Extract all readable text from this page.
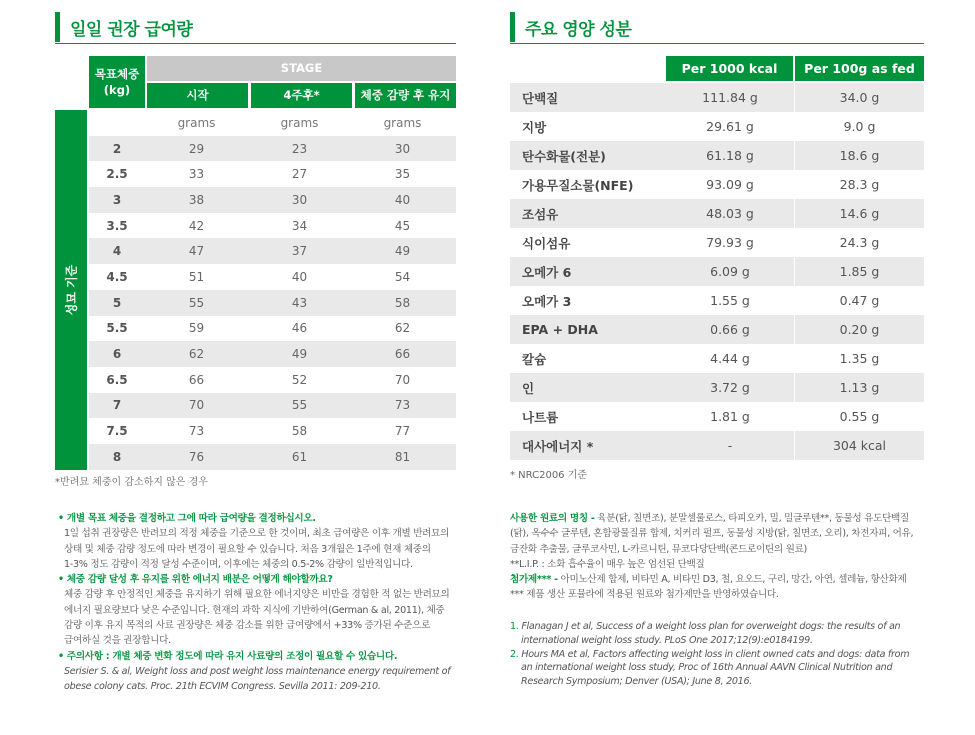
일일 권장 급여량	주요 영양 성분
목표체중
(kg)
STAGE
시작	4주후*	체중 감량 후 유지
성묘 기준
grams	grams	grams
2	29	23	30
2.5	33	27	35
3	38	30	40
3.5	42	34	45
4	47	37	49
4.5	51	40	54
5	55	43	58
5.5	59	46	62
6	62	49	66
6.5	66	52	70
7	70	55	73
7.5	73	58	77
8	76	61	81
*반려묘 체중이 감소하지 않은 경우
Per 1000 kcal	Per 100g as fed
단백질	111.84 g	34.0 g
지방	29.61 g	9.0 g
탄수화물(전분)	61.18 g	18.6 g
가용무질소물(NFE)	93.09 g	28.3 g
조섬유	48.03 g	14.6 g
식이섬유	79.93 g	24.3 g
오메가 6	6.09 g	1.85 g
오메가 3	1.55 g	0.47 g
EPA + DHA	0.66 g	0.20 g
칼슘	4.44 g	1.35 g
인	3.72 g	1.13 g
나트륨	1.81 g	0.55 g
대사에너지 *	-	304 kcal
* NRC2006 기준

• 개별 목표 체중을 결정하고 그에 따라 급여량을 결정하십시오.

1일 섭취 권장량은 반려묘의 적정 체중을 기준으로 한 것이며, 최초 급여량은 이후 개별 반려묘의

상태 및 체중 감량 정도에 따라 변경이 필요할 수 있습니다. 처음 3개월은 1주에 현재 체중의

1-3% 정도 감량이 적정 달성 수준이며, 이후에는 체중의 0.5-2% 감량이 일반적입니다.

• 체중 감량 달성 후 유지를 위한 에너지 배분은 어떻게 해야할까요?

체중 감량 후 안정적인 체중을 유지하기 위해 필요한 에너지양은 비만을 경험한 적 없는 반려묘의

에너지 필요량보다 낮은 수준입니다. 현재의 과학 지식에 기반하여(German & al, 2011), 체중

감량 이후 유지 목적의 사료 권장량은 체중 감소를 위한 급여량에서 +33% 증가된 수준으로

급여하실 것을 권장합니다.

• 주의사항 : 개별 체중 변화 정도에 따라 유지 사료량의 조정이 필요할 수 있습니다.

Serisier S. & al, Weight loss and post weight loss maintenance energy requirement of

obese colony cats. Proc. 21th ECVIM Congress. Sevilla 2011: 209-210.

사용한 원료의 명칭 - 육분(닭, 칠면조), 분말셀룰로스, 타피오카, 밀, 밀글루텐**, 동물성 유도단백질

(닭), 옥수수 글루텐, 혼합광물질류 합제, 치커리 펄프, 동물성 지방(닭, 칠면조, 오리), 차전자피, 어유,

금잔화 추출물, 글루코사민, L-카르니틴, 뮤코다당단백(콘드로이틴의 원료)

**L.I.P. : 소화 흡수율이 매우 높은 엄선된 단백질

첨가제*** - 아미노산제 합제, 비타민 A, 비타민 D3, 철, 요오드, 구리, 망간, 아연, 셀레늄, 항산화제

*** 제품 생산 포뮬라에 적용된 원료와 첨가제만을 반영하였습니다.

1. Flanagan J et al, Success of a weight loss plan for overweight dogs: the results of an

international weight loss study. PLoS One 2017;12(9):e0184199.

2. Hours MA et al, Factors affecting weight loss in client owned cats and dogs: data from

an international weight loss study, Proc of 16th Annual AAVN Clinical Nutrition and

Research Symposium; Denver (USA); June 8, 2016.
